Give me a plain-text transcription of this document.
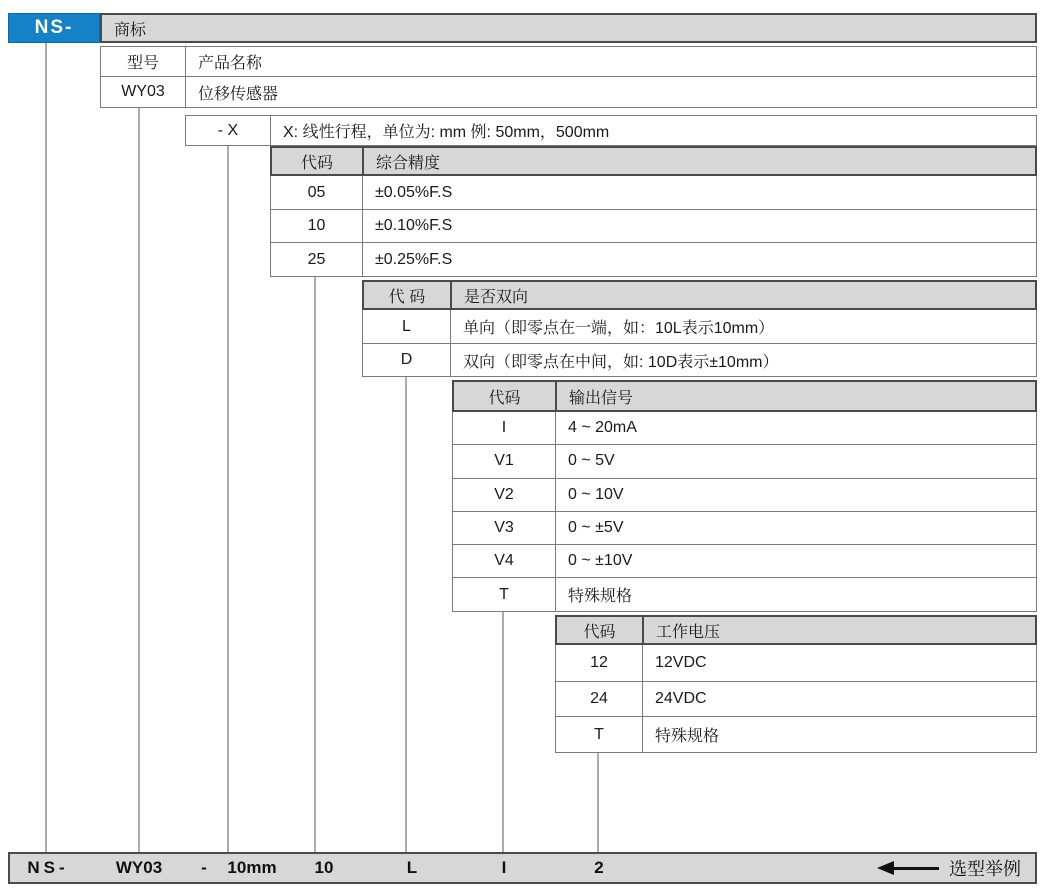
NS-	商标
型号	产品名称
WY03	位移传感器
- X	X: 线性行程，单位为: mm 例: 50mm，500mm
代码	综合精度
05	±0.05%F.S
10	±0.10%F.S
25	±0.25%F.S
代 码	是否双向
L	单向（即零点在一端，如：10L表示10mm）
D	双向（即零点在中间，如: 10D表示±10mm）
代码	输出信号
I	4 ~ 20mA
V1	0 ~ 5V
V2	0 ~ 10V
V3	0 ~ ±5V
V4	0 ~ ±10V
T	特殊规格
代码	工作电压
12	12VDC
24	24VDC
T	特殊规格
NS-	WY03 - 10mm 10	L	I	2	选型举例
